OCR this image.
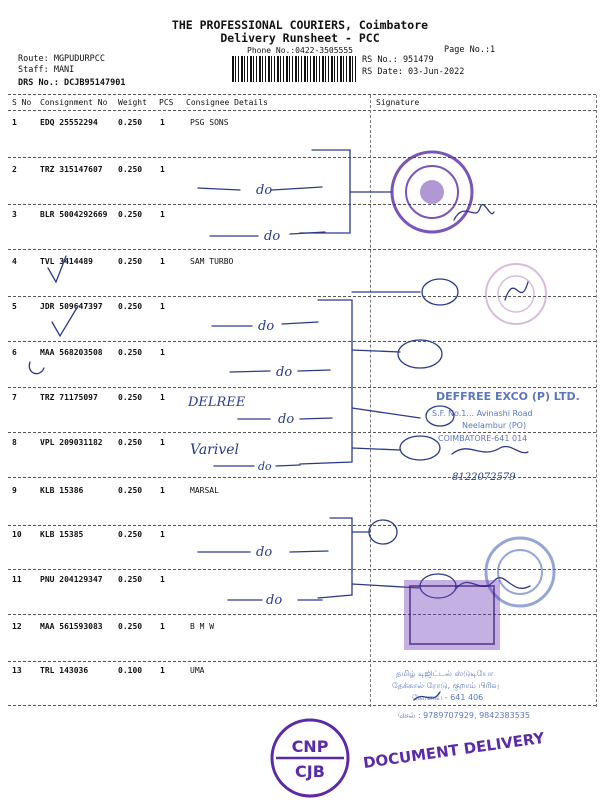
THE PROFESSIONAL COURIERS, Coimbatore
Delivery Runsheet - PCC
Phone No.:0422-3505555	Page No.:1
Route: MGPUDURPCC
Staff: MANI
DRS No.: DCJB95147901
RS No.: 951479
RS Date: 03-Jun-2022
S No Consignment No Weight PCS Consignee Details	Signature
1	EDQ 25552294	0.250 1	PSG SONS
2	TRZ 315147607 0.250 1
3	BLR 5004292669 0.250 1
4	TVL 3414489	0.250 1	SAM TURBO
5	JDR 509647397 0.250 1
6	MAA 568203508 0.250 1
7	TRZ 71175097	0.250 1
8	VPL 209031182 0.250 1
9	KLB 15386	0.250 1	MARSAL
10 KLB 15385	0.250 1
11 PNU 204129347 0.250 1
12 MAA 561593083 0.250 1	B M W
13 TRL 143036	0.100 1	UMA
do
do
do
do
DELREE
do
Varivel
do
do
do
8122072579
DEFFREE EXCO (P) LTD.
S.F. No.1... Avinashi Road
Neelambur (PO)
COIMBATORE-641 014
தமிழ் டிஜிட்டல் ஸ்டுடியோ
தேக்கால் ரோடு, குறாம் பிரிவு
கோவை - 641 406
செல் : 9789707929, 9842383535
CNP
CJB DOCUMENT DELIVERY
